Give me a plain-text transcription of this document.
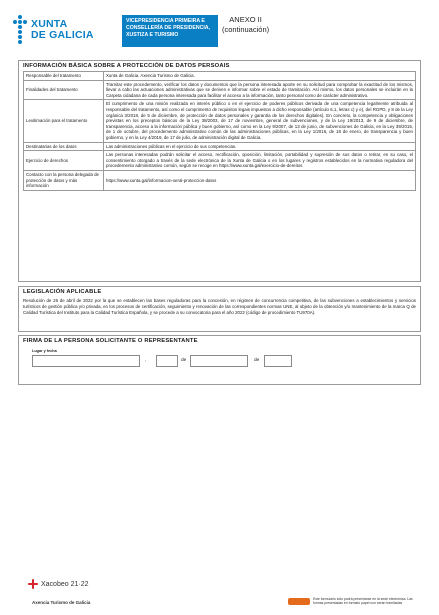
XUNTA
DE GALICIA
VICEPRESIDENCIA PRIMEIRA E
CONSELLERÍA DE PRESIDENCIA,
XUSTIZA E TURISMO
ANEXO II
(continuación)
INFORMACIÓN BÁSICA SOBRE A PROTECCIÓN DE DATOS PERSOAIS
Responsable del tratamento	Xunta de Galicia. Axencia Turismo de Galicia.
Finalidades del tratamento	Tramitar este procedemento, verificar los datos y documentos que la persona interesada aporte en su solicitud para comprobar la exactitud de los mismos, llevar a cabo las actuaciones administrativas que se deriven e informar sobre el estado de tramitación. Así mismo, los datos personales se incluirán en la Carpeta cidadana de cada persona interesada para facilitar el acceso a la información, tanto personal como de carácter administrativo.
Lexitimación para el tratamento	El cumprimento de una misión realizada en interés público o en el ejercicio de poderes públicos derivada de una competencia legalmente atribuida al responsable del tratamento, así como el cumprimento de requisitos legais impuestos a dicho responsable (artículo 6.1, letras c) y e), del RGPD, y 8 de la Ley orgánica 3/2018, de 5 de diciembre, de protección de datos personales y garantía de los derechos digitales). En concreto, la competencia y obligaciones previstas en los preceptos básicos de la Ley 38/2003, de 17 de noviembre, general de subvenciones, y de la Ley 19/2013, de 9 de diciembre, de transparencia, acceso a la información pública y buen gobierno, así como en la Ley 9/2007, de 13 de junio, de subvenciones de Galicia, en la Ley 39/2015, de 1 de octubre, del procedemento administrativo común de las administraciones públicas, en la Ley 1/2016, de 18 de enero, de transparencia y buen gobierno, y en la Ley 4/2019, de 17 de julio, de administración digital de Galicia.
Destinatarias de los datos	Las administraciones públicas en el ejercicio de sus competencias.
Ejercicio de derechos	Las personas interesadas podrán solicitar el acceso, rectificación, oposición, limitación, portabilidad y supresión de sus datos o retirar, en su caso, el consentimiento otorgado a través de la sede electrónica de la Xunta de Galicia o en los lugares y registros establecidos en la normativa reguladora del procedemento administrativo común, según se recoge en https://www.xunta.gal/exercicio-de-dereitos
Contacto con la persona delegada de protección de datos y más información	https://www.xunta.gal/informacion-xeral-proteccion-datos
LEGISLACIÓN APLICABLE
Resolución de 26 de abril de 2022 por la que se establecen las bases reguladoras para la concesión, en régimen de concurrencia competitiva, de las subvenciones a establecimientos y servicios turísticos de gestión pública y/o privada, en los procesos de certificación, seguimiento y renovación de las correspondientes normas UNE, al objeto de la obtención y/o mantenimiento de la marca Q de Calidad Turística del Instituto para la Calidad Turística Española, y se procede a su convocatoria para el año 2022 (código de procedimiento TU970A).
FIRMA DE LA PERSONA SOLICITANTE O REPRESENTANTE
Lugar y fecha
,	de	de
Xacobeo 21·22
Axencia Turismo de Galicia
Este formulario sólo podrá presentarse en la sede electrónica. Las formas presentadas en formato papel non serán tramitadas
